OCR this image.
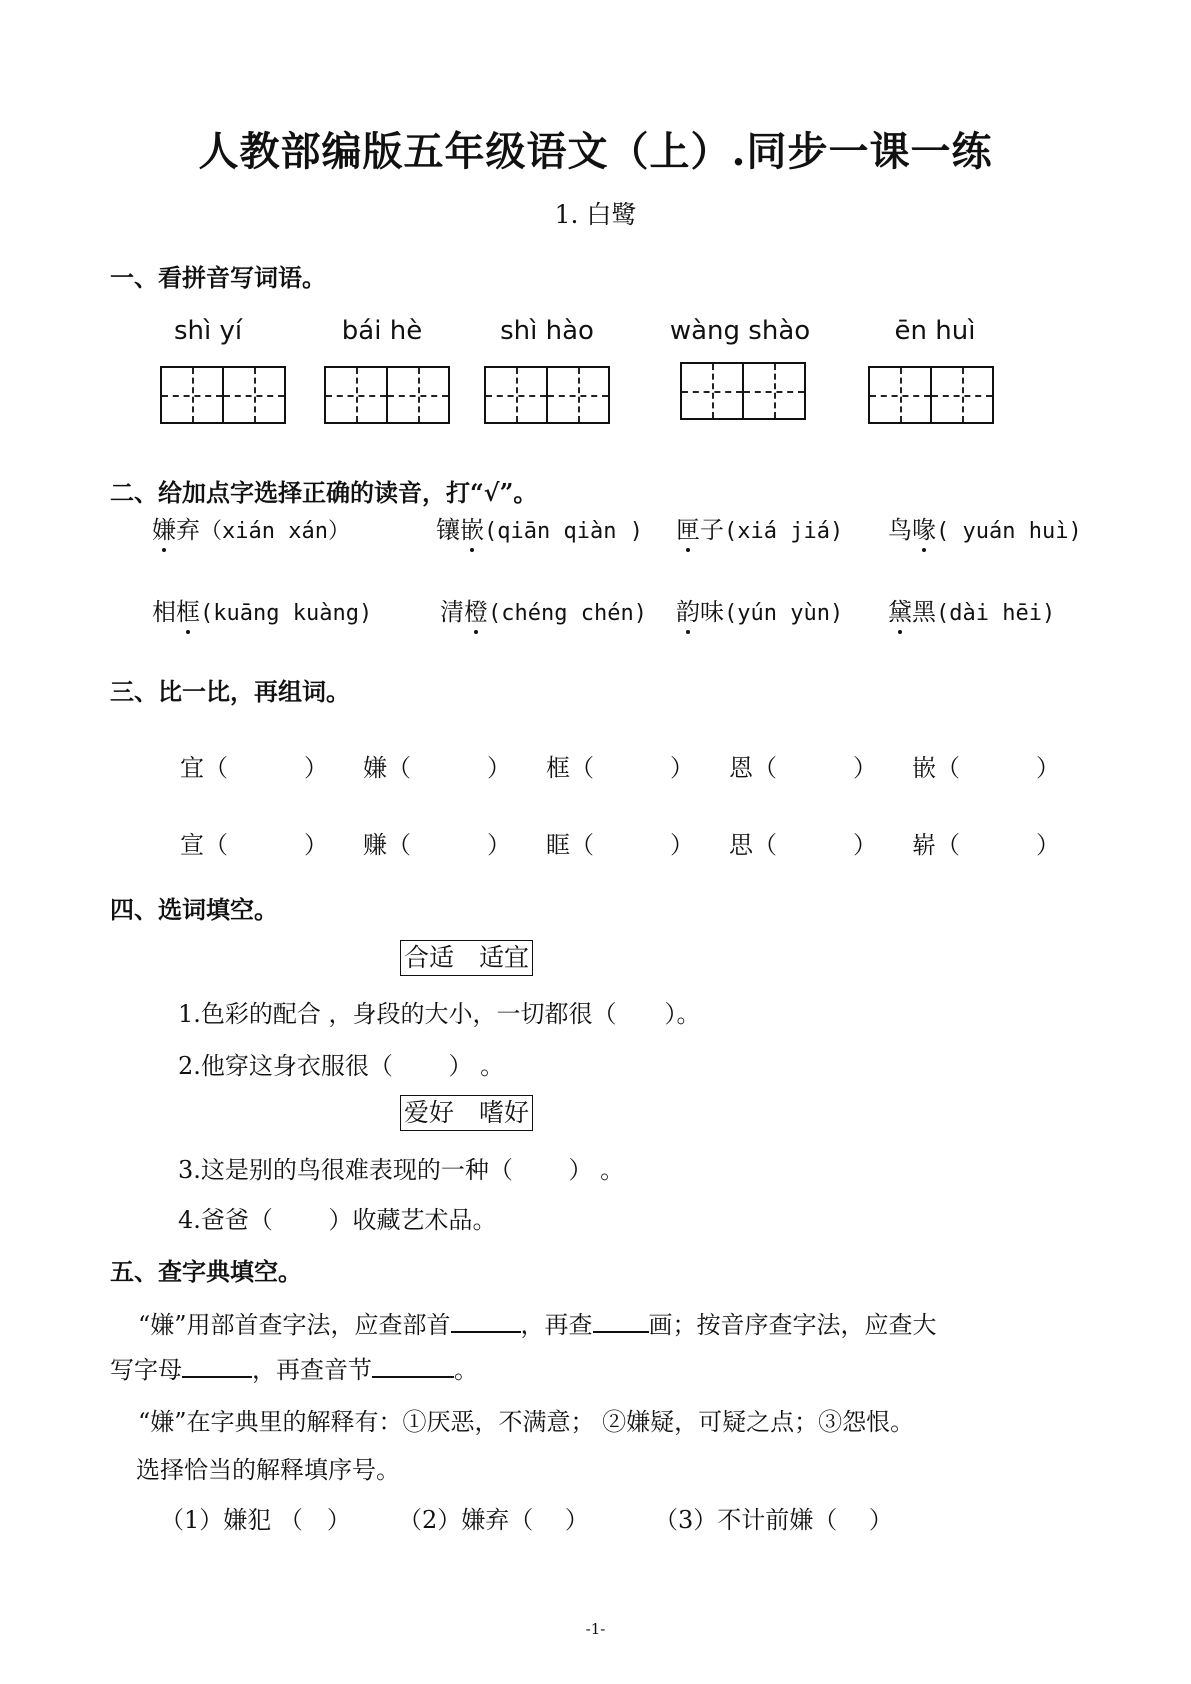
人教部编版五年级语文（上）.同步一课一练
1. 白鹭
一、看拼音写词语。
shì yí	bái hè	shì hào	wàng shào	ēn huì
二、给加点字选择正确的读音，打“√”。
嫌弃（xián xán）	镶嵌(qiān qiàn ) 匣子(xiá jiá) 鸟喙( yuán huì)
相框(kuāng kuàng)	清橙(chéng chén) 韵味(yún yùn) 黛黑(dài hēi)
三、比一比，再组词。
宜（	） 嫌（	） 框（	） 恩（	） 嵌（	）
宣（	） 赚（	） 眶（	） 思（	） 崭（	）
四、选词填空。
合适　适宜
1.色彩的配合 ，身段的大小，一切都很（　　）。
2.他穿这身衣服很（　　 ） 。
爱好　嗜好
3.这是别的鸟很难表现的一种（　　 ） 。
4.爸爸（　　 ）收藏艺术品。
五、查字典填空。
“嫌”用部首查字法，应查部首	，再查 画；按音序查字法，应查大
写字母	，再查音节	。
“嫌”在字典里的解释有：①厌恶，不满意； ②嫌疑，可疑之点；③怨恨。
选择恰当的解释填序号。
（1）嫌犯 （　） （2）嫌弃（　 ）	（3）不计前嫌（　 ）
-1-
